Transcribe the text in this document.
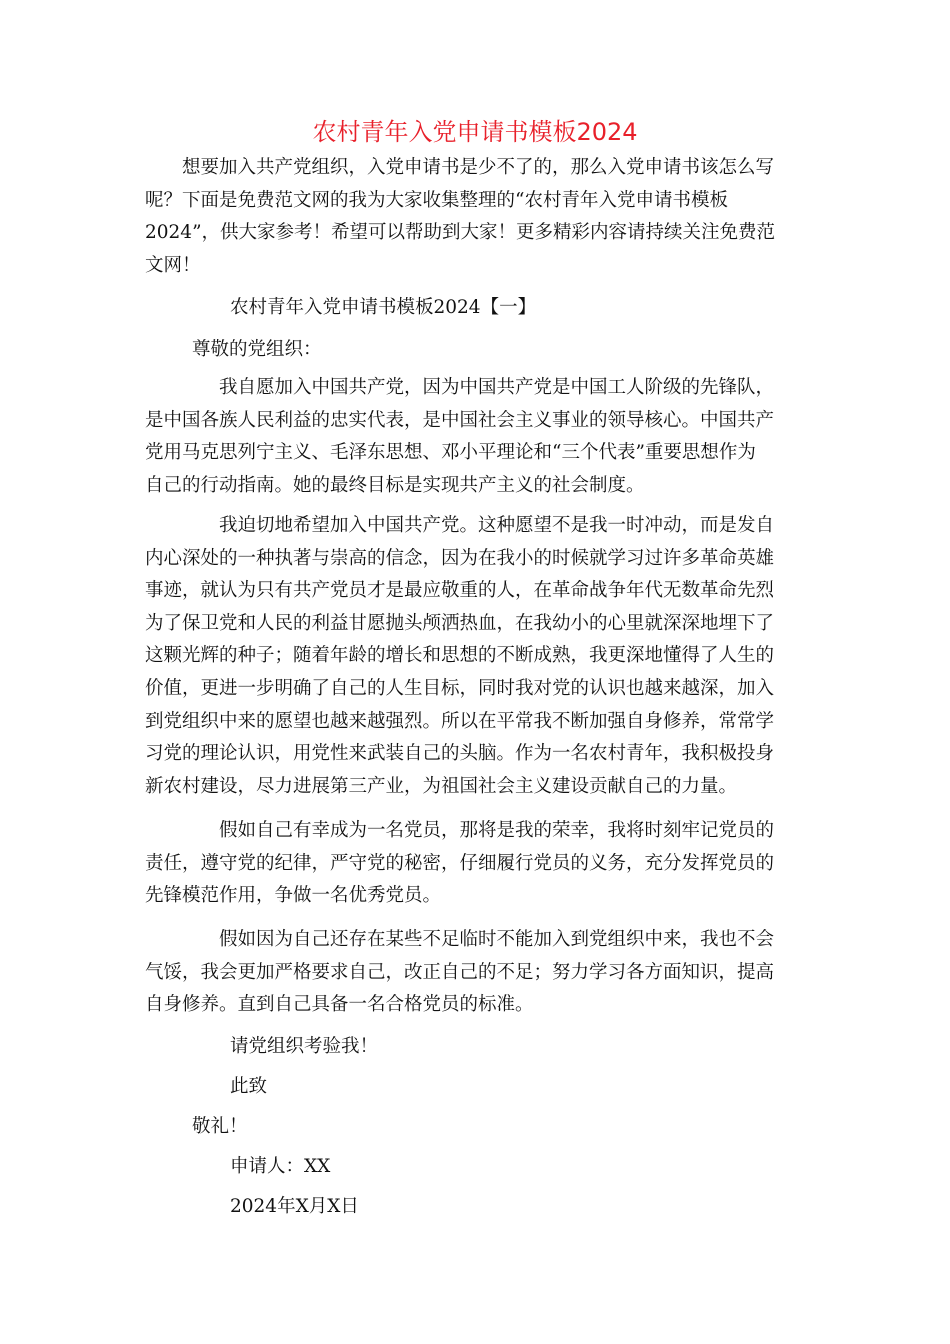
农村青年入党申请书模板2024

　　想要加入共产党组织，入党申请书是少不了的，那么入党申请书该怎么写
呢？下面是免费范文网的我为大家收集整理的“农村青年入党申请书模板
2024”，供大家参考！希望可以帮助到大家！更多精彩内容请持续关注免费范
文网！

农村青年入党申请书模板2024【一】

尊敬的党组织：

　　　　我自愿加入中国共产党，因为中国共产党是中国工人阶级的先锋队，
是中国各族人民利益的忠实代表，是中国社会主义事业的领导核心。中国共产
党用马克思列宁主义、毛泽东思想、邓小平理论和“三个代表”重要思想作为
自己的行动指南。她的最终目标是实现共产主义的社会制度。

　　　　我迫切地希望加入中国共产党。这种愿望不是我一时冲动，而是发自
内心深处的一种执著与崇高的信念，因为在我小的时候就学习过许多革命英雄
事迹，就认为只有共产党员才是最应敬重的人，在革命战争年代无数革命先烈
为了保卫党和人民的利益甘愿抛头颅洒热血，在我幼小的心里就深深地埋下了
这颗光辉的种子；随着年龄的增长和思想的不断成熟，我更深地懂得了人生的
价值，更进一步明确了自己的人生目标，同时我对党的认识也越来越深，加入
到党组织中来的愿望也越来越强烈。所以在平常我不断加强自身修养，常常学
习党的理论认识，用党性来武装自己的头脑。作为一名农村青年，我积极投身
新农村建设，尽力进展第三产业，为祖国社会主义建设贡献自己的力量。

　　　　假如自己有幸成为一名党员，那将是我的荣幸，我将时刻牢记党员的
责任，遵守党的纪律，严守党的秘密，仔细履行党员的义务，充分发挥党员的
先锋模范作用，争做一名优秀党员。

　　　　假如因为自己还存在某些不足临时不能加入到党组织中来，我也不会
气馁，我会更加严格要求自己，改正自己的不足；努力学习各方面知识，提高
自身修养。直到自己具备一名合格党员的标准。

请党组织考验我！

此致

敬礼！

申请人：XX

2024年X月X日
